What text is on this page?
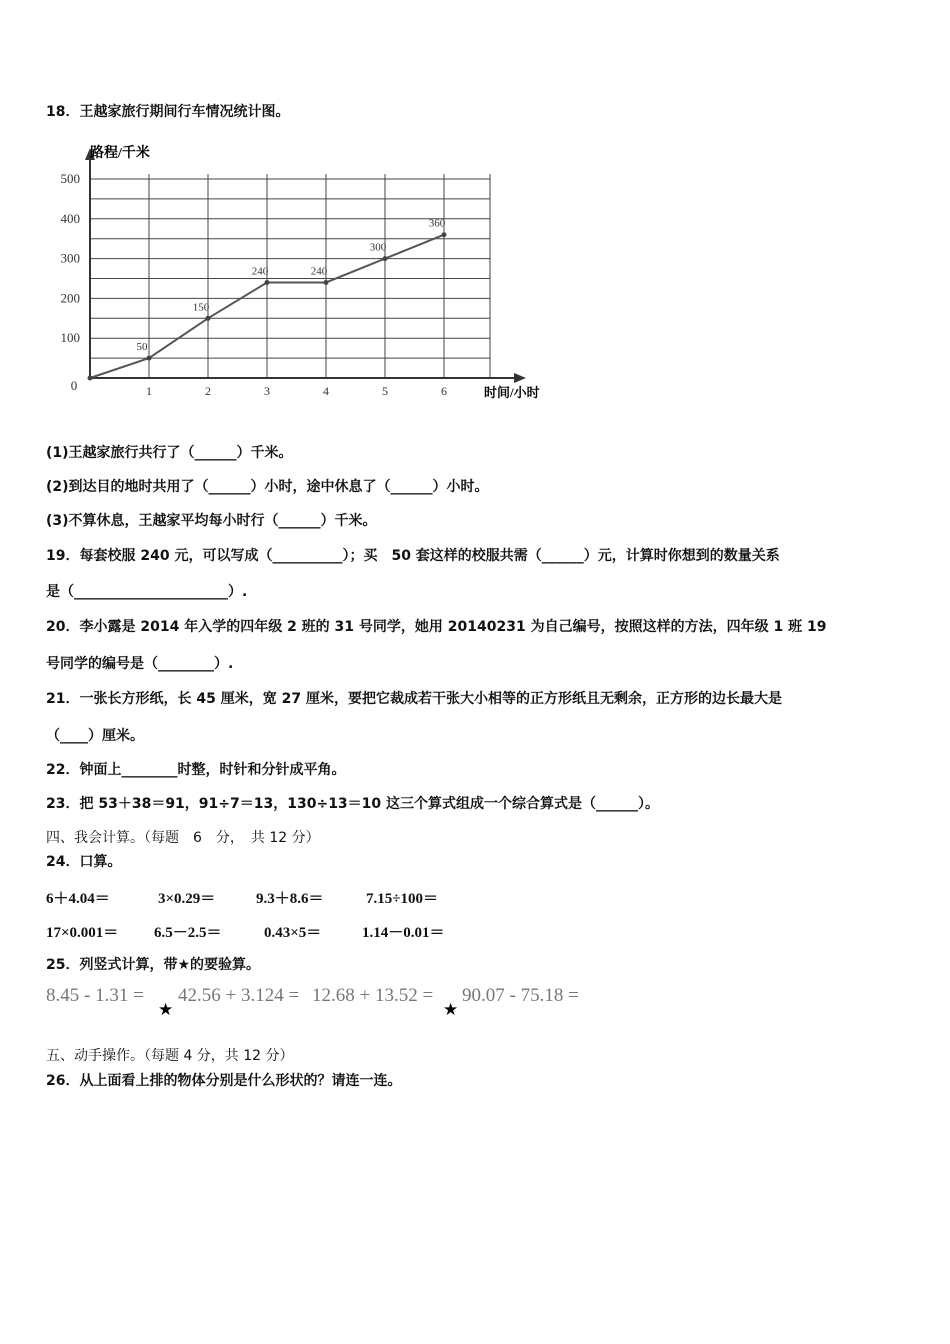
18．王越家旅行期间行车情况统计图。
0
100
200
300
400
500
1	2	3	4	5	6
50
150
240	240
300
360
路程/千米
时间/小时
(1)王越家旅行共行了（______）千米。
(2)到达目的地时共用了（______）小时，途中休息了（______）小时。
(3)不算休息，王越家平均每小时行（______）千米。
19．每套校服 240 元，可以写成（__________）；买　50 套这样的校服共需（______）元，计算时你想到的数量关系
是（______________________）.
20．李小露是 2014 年入学的四年级 2 班的 31 号同学，她用 20140231 为自己编号，按照这样的方法，四年级 1 班 19
号同学的编号是（________）.
21．一张长方形纸，长 45 厘米，宽 27 厘米，要把它裁成若干张大小相等的正方形纸且无剩余，正方形的边长最大是
（____）厘米。
22．钟面上________时整，时针和分针成平角。
23．把 53＋38＝91，91÷7＝13，130÷13＝10 这三个算式组成一个综合算式是（______）。
四、我会计算。（每题　6　分，　共 12 分）
24．口算。
6＋4.04＝	3×0.29＝	9.3＋8.6＝	7.15÷100＝
17×0.001＝ 6.5－2.5＝	0.43×5＝	1.14－0.01＝
25．列竖式计算，带★的要验算。
8.45 - 1.31 =
★
42.56 + 3.124 = 12.68 + 13.52 =
★
90.07 - 75.18 =
五、动手操作。（每题 4 分，共 12 分）
26．从上面看上排的物体分别是什么形状的？请连一连。
